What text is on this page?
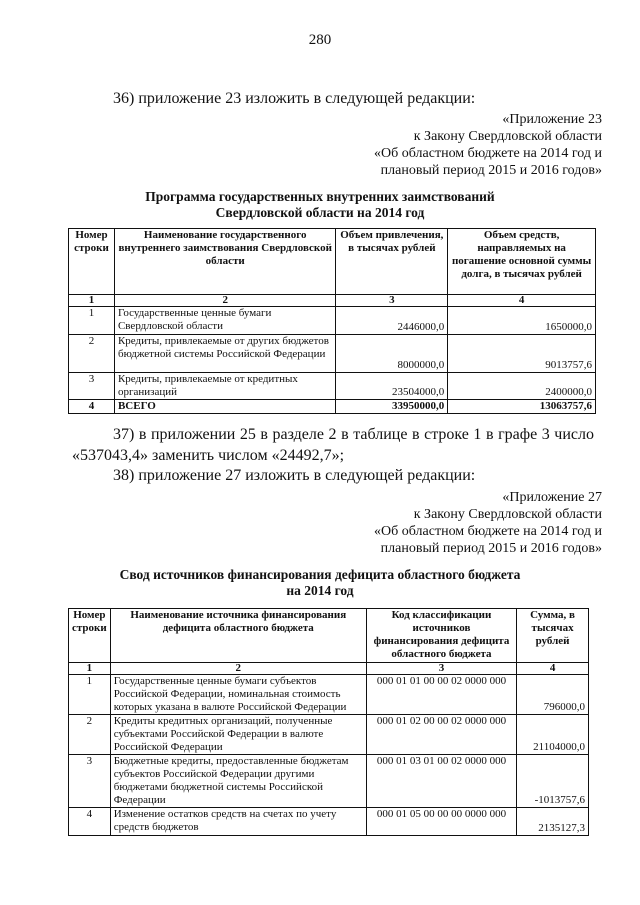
280
36) приложение 23 изложить в следующей редакции:
«Приложение 23
к Закону Свердловской области
«Об областном бюджете на 2014 год и
плановый период 2015 и 2016 годов»
Программа государственных внутренних заимствований
Свердловской области на 2014 год
Номер строки	Наименование государственного внутреннего заимствования Свердловской области	Объем привлечения, в тысячах рублей	Объем средств, направляемых на погашение основной суммы долга, в тысячах рублей
1	2	3	4
1	Государственные ценные бумаги Свердловской области	2446000,0	1650000,0
2	Кредиты, привлекаемые от других бюджетов бюджетной системы Российской Федерации	8000000,0	9013757,6
3	Кредиты, привлекаемые от кредитных организаций	23504000,0	2400000,0
4	ВСЕГО	33950000,0	13063757,6
37) в приложении 25 в разделе 2 в таблице в строке 1 в графе 3 число «537043,4» заменить числом «24492,7»;
38) приложение 27 изложить в следующей редакции:
«Приложение 27
к Закону Свердловской области
«Об областном бюджете на 2014 год и
плановый период 2015 и 2016 годов»
Свод источников финансирования дефицита областного бюджета
на 2014 год
Номер строки	Наименование источника финансирования дефицита областного бюджета	Код классификации источников финансирования дефицита областного бюджета	Сумма, в тысячах рублей
1	2	3	4
1	Государственные ценные бумаги субъектов Российской Федерации, номинальная стоимость которых указана в валюте Российской Федерации	000 01 01 00 00 02 0000 000	796000,0
2	Кредиты кредитных организаций, полученные субъектами Российской Федерации в валюте Российской Федерации	000 01 02 00 00 02 0000 000	21104000,0
3	Бюджетные кредиты, предоставленные бюджетам субъектов Российской Федерации другими бюджетами бюджетной системы Российской Федерации	000 01 03 01 00 02 0000 000	-1013757,6
4	Изменение остатков средств на счетах по учету средств бюджетов	000 01 05 00 00 00 0000 000	2135127,3
